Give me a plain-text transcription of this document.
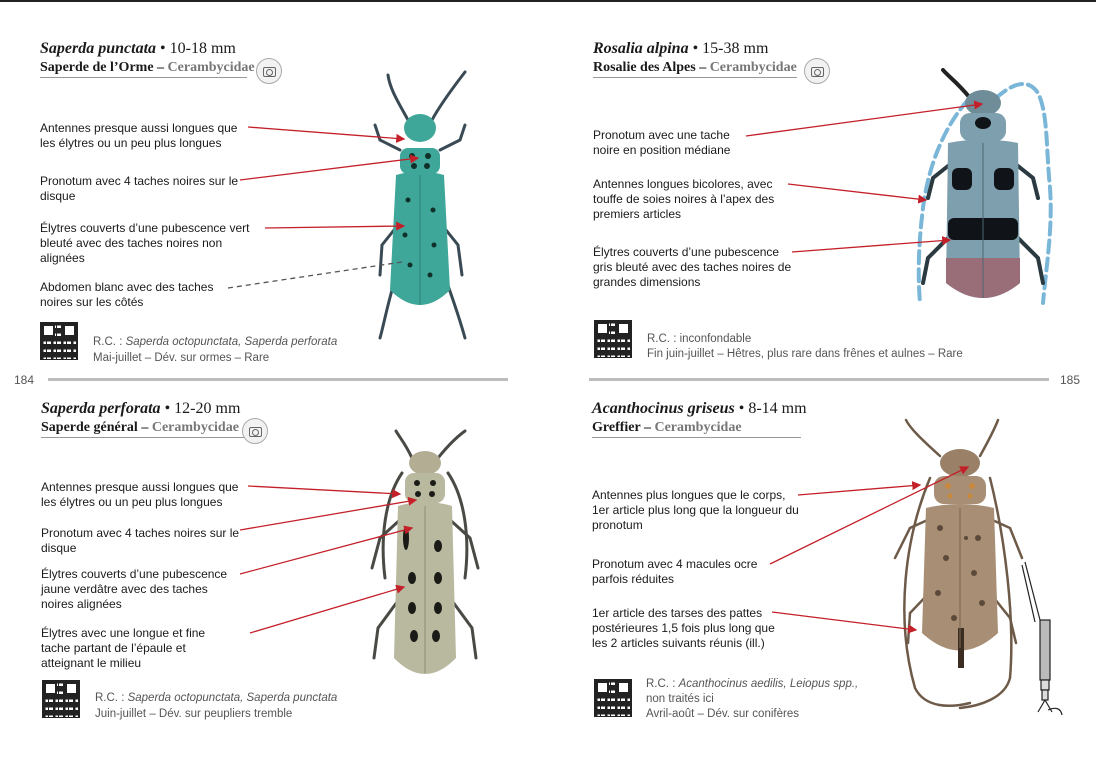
Saperda punctata • 10-18 mm
Saperde de l’Orme – Cerambycidae
Antennes presque aussi longues que les élytres ou un peu plus longues
Pronotum avec 4 taches noires sur le disque
Élytres couverts d’une pubescence vert bleuté avec des taches noires non alignées
Abdomen blanc avec des taches noires sur les côtés
R.C. : Saperda octopunctata, Saperda perforata
Mai-juillet – Dév. sur ormes – Rare
Rosalia alpina • 15-38 mm
Rosalie des Alpes – Cerambycidae
Pronotum avec une tache noire en position médiane
Antennes longues bicolores, avec touffe de soies noires à l’apex des premiers articles
Élytres couverts d’une pubescence gris bleuté avec des taches noires de grandes dimensions
R.C. : inconfondable
Fin juin-juillet – Hêtres, plus rare dans frênes et aulnes – Rare
184	185
Saperda perforata • 12-20 mm
Saperde général – Cerambycidae
Antennes presque aussi longues que les élytres ou un peu plus longues
Pronotum avec 4 taches noires sur le disque
Élytres couverts d’une pubescence jaune verdâtre avec des taches noires alignées
Élytres avec une longue et fine tache partant de l’épaule et atteignant le milieu
R.C. : Saperda octopunctata, Saperda punctata
Juin-juillet – Dév. sur peupliers tremble
Acanthocinus griseus • 8-14 mm
Greffier – Cerambycidae
Antennes plus longues que le corps, 1er article plus long que la longueur du pronotum
Pronotum avec 4 macules ocre parfois réduites
1er article des tarses des pattes postérieures 1,5 fois plus long que les 2 articles suivants réunis (ill.)
R.C. : Acanthocinus aedilis, Leiopus spp.,
non traités ici
Avril-août – Dév. sur conifères
